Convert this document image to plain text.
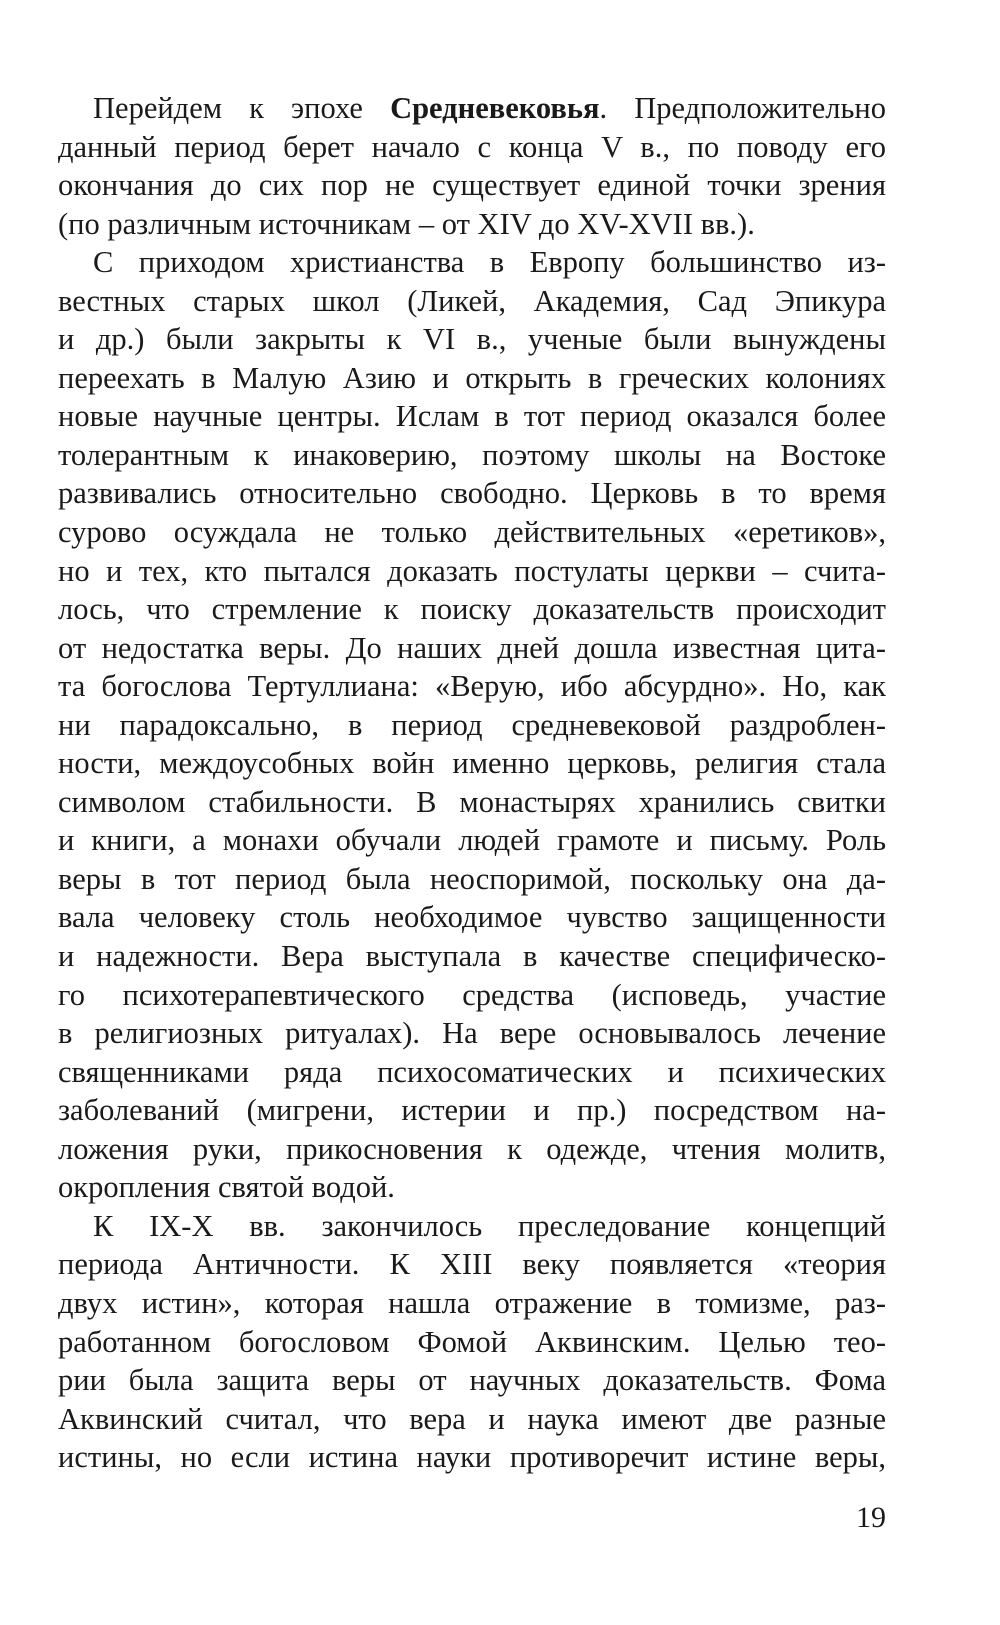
Перейдем к эпохе Средневековья. Предположительно
данный период берет начало с конца V в., по поводу его
окончания до сих пор не существует единой точки зрения
(по различным источникам – от XIV до XV-XVII вв.).
С приходом христианства в Европу большинство из-
вестных старых школ (Ликей, Академия, Сад Эпикура
и др.) были закрыты к VI в., ученые были вынуждены
переехать в Малую Азию и открыть в греческих колониях
новые научные центры. Ислам в тот период оказался более
толерантным к инаковерию, поэтому школы на Востоке
развивались относительно свободно. Церковь в то время
сурово осуждала не только действительных «еретиков»,
но и тех, кто пытался доказать постулаты церкви – счита-
лось, что стремление к поиску доказательств происходит
от недостатка веры. До наших дней дошла известная цита-
та богослова Тертуллиана: «Верую, ибо абсурдно». Но, как
ни парадоксально, в период средневековой раздроблен-
ности, междоусобных войн именно церковь, религия стала
символом стабильности. В монастырях хранились свитки
и книги, а монахи обучали людей грамоте и письму. Роль
веры в тот период была неоспоримой, поскольку она да-
вала человеку столь необходимое чувство защищенности
и надежности. Вера выступала в качестве специфическо-
го психотерапевтического средства (исповедь, участие
в религиозных ритуалах). На вере основывалось лечение
священниками ряда психосоматических и психических
заболеваний (мигрени, истерии и пр.) посредством на-
ложения руки, прикосновения к одежде, чтения молитв,
окропления святой водой.
К IX-X вв. закончилось преследование концепций
периода Античности. К XIII веку появляется «теория
двух истин», которая нашла отражение в томизме, раз-
работанном богословом Фомой Аквинским. Целью тео-
рии была защита веры от научных доказательств. Фома
Аквинский считал, что вера и наука имеют две разные
истины, но если истина науки противоречит истине веры,
19
